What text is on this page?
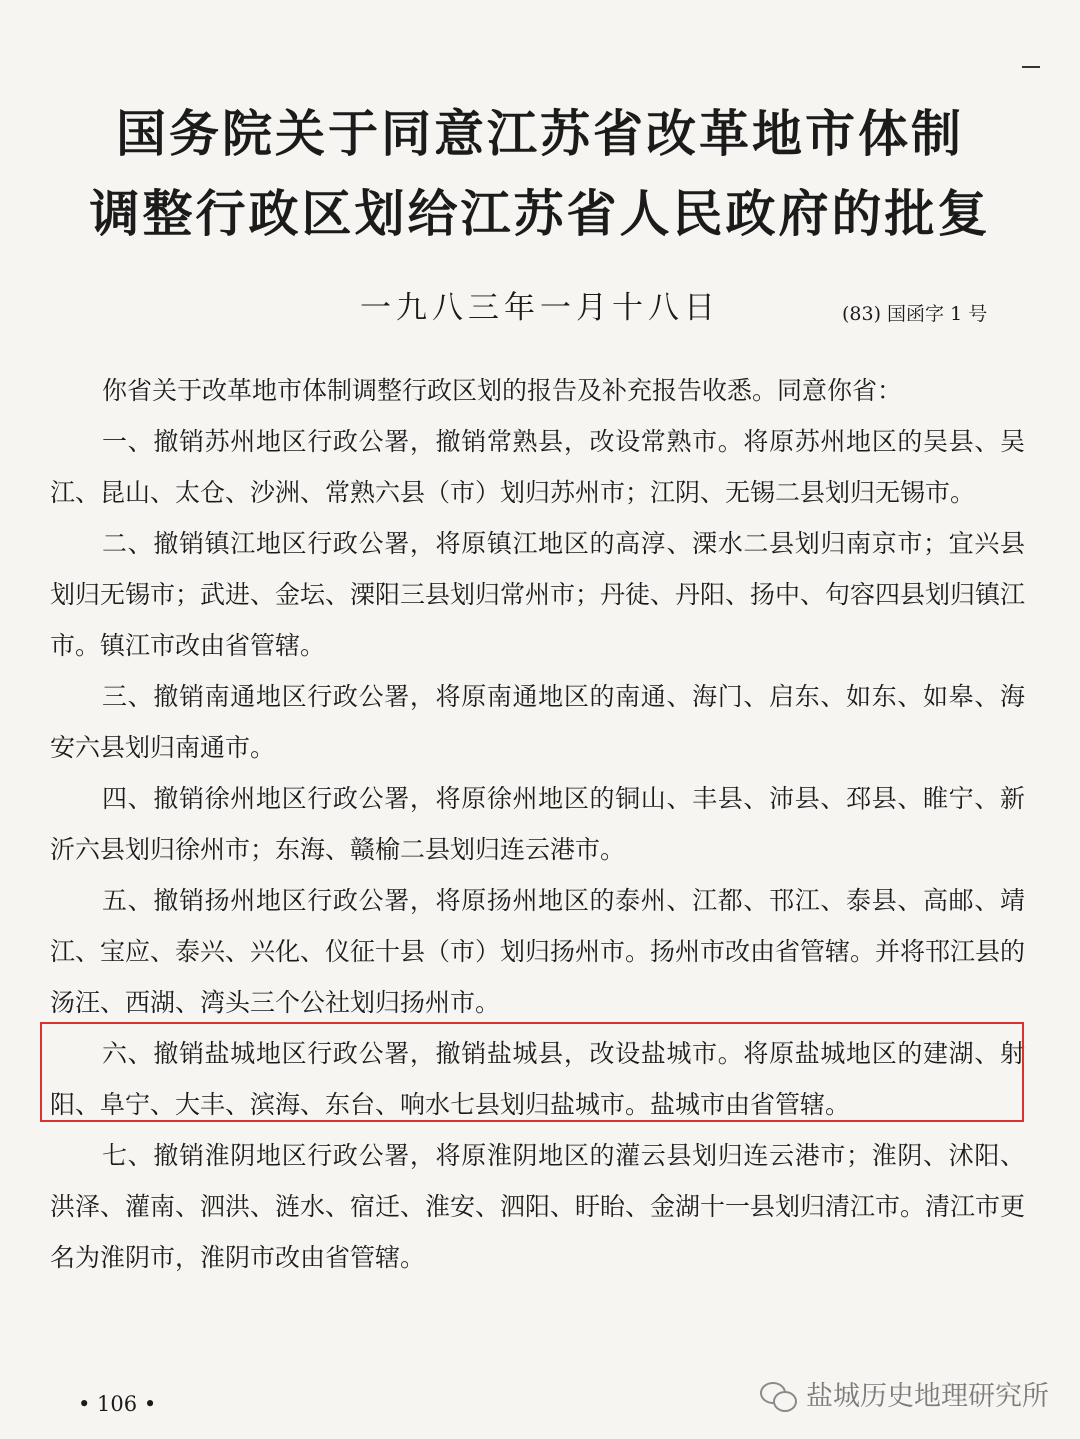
国务院关于同意江苏省改革地市体制
调整行政区划给江苏省人民政府的批复
一九八三年一月十八日	(83) 国函字 1 号

你省关于改革地市体制调整行政区划的报告及补充报告收悉。同意你省：

一、撤销苏州地区行政公署，撤销常熟县，改设常熟市。将原苏州地区的吴县、吴江、昆山、太仓、沙洲、常熟六县（市）划归苏州市；江阴、无锡二县划归无锡市。

二、撤销镇江地区行政公署，将原镇江地区的高淳、溧水二县划归南京市；宜兴县划归无锡市；武进、金坛、溧阳三县划归常州市；丹徒、丹阳、扬中、句容四县划归镇江市。镇江市改由省管辖。

三、撤销南通地区行政公署，将原南通地区的南通、海门、启东、如东、如皋、海安六县划归南通市。

四、撤销徐州地区行政公署，将原徐州地区的铜山、丰县、沛县、邳县、睢宁、新沂六县划归徐州市；东海、赣榆二县划归连云港市。

五、撤销扬州地区行政公署，将原扬州地区的泰州、江都、邗江、泰县、高邮、靖江、宝应、泰兴、兴化、仪征十县（市）划归扬州市。扬州市改由省管辖。并将邗江县的汤汪、西湖、湾头三个公社划归扬州市。

六、撤销盐城地区行政公署，撤销盐城县，改设盐城市。将原盐城地区的建湖、射阳、阜宁、大丰、滨海、东台、响水七县划归盐城市。盐城市由省管辖。

七、撤销淮阴地区行政公署，将原淮阴地区的灌云县划归连云港市；淮阴、沭阳、洪泽、灌南、泗洪、涟水、宿迁、淮安、泗阳、盱眙、金湖十一县划归清江市。清江市更名为淮阴市，淮阴市改由省管辖。

• 106 •	盐城历史地理研究所
